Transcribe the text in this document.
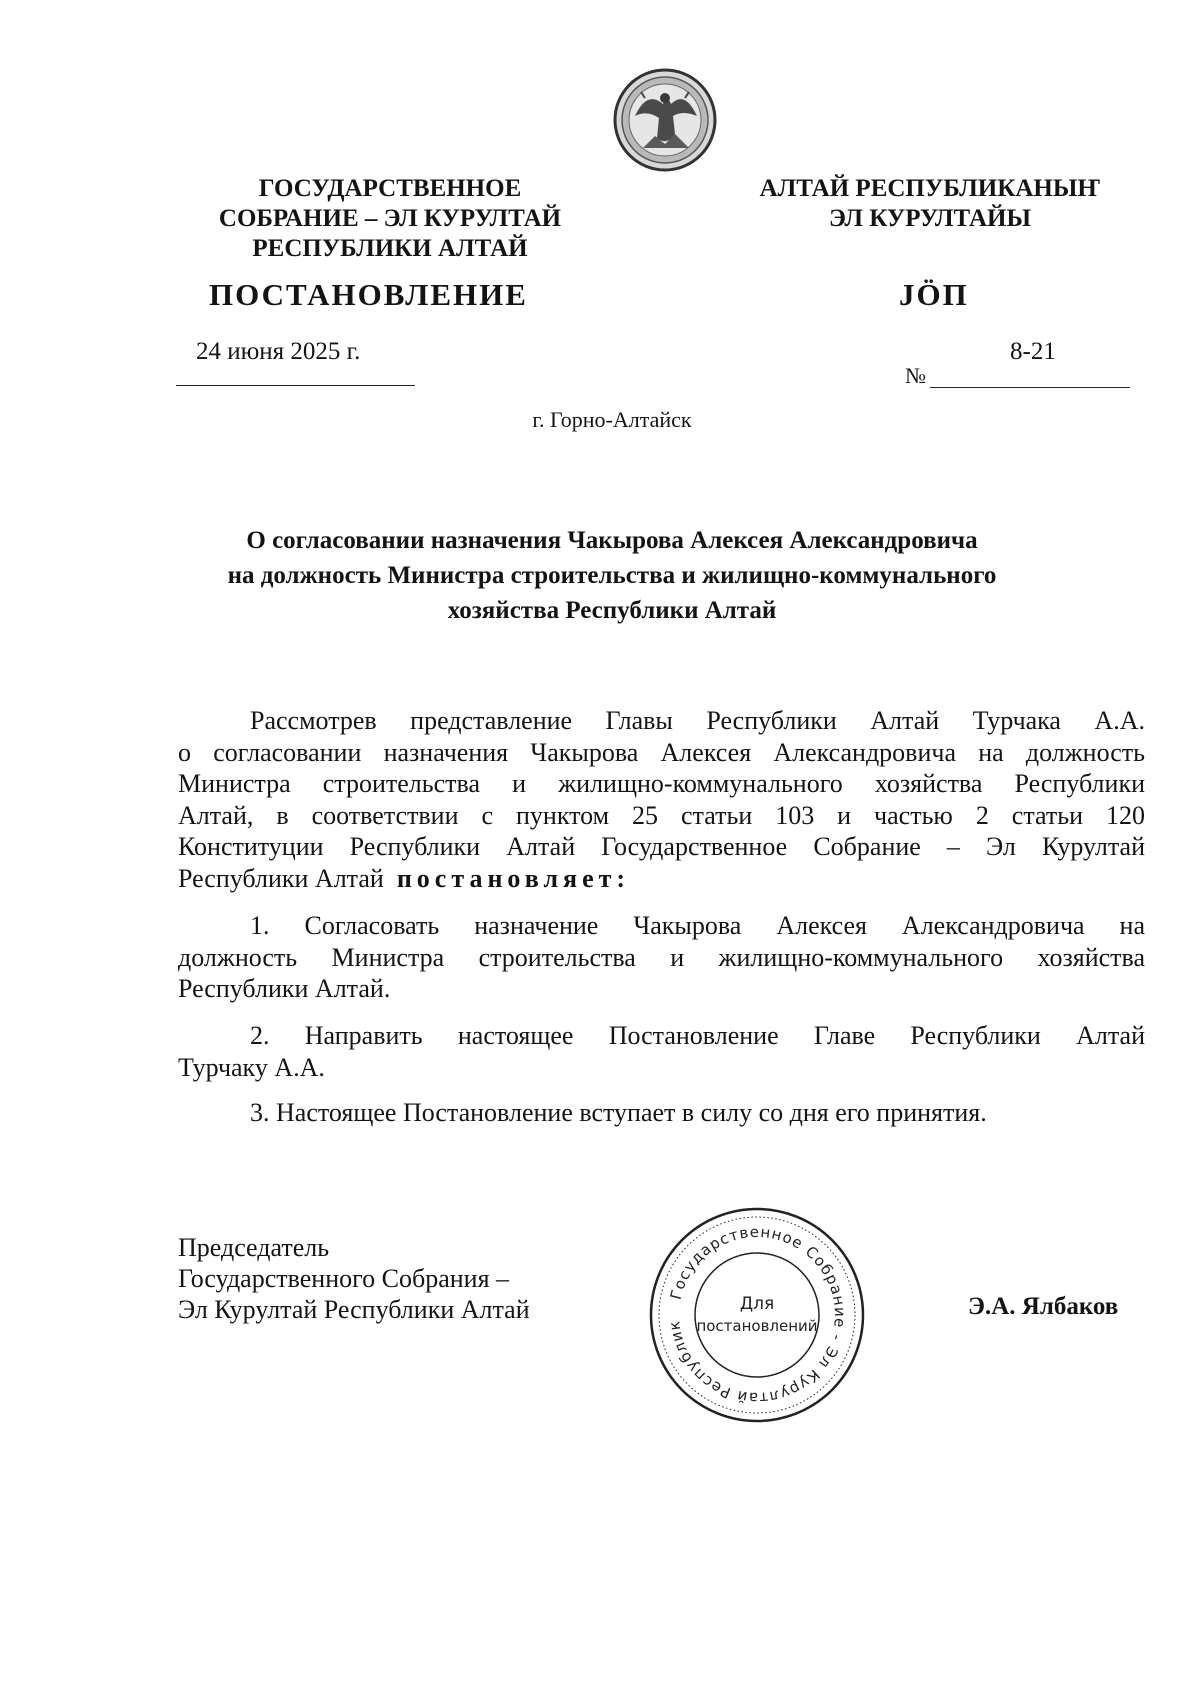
ГОСУДАРСТВЕННОЕ
СОБРАНИЕ – ЭЛ КУРУЛТАЙ
РЕСПУБЛИКИ АЛТАЙ
АЛТАЙ РЕСПУБЛИКАНЫҤ
ЭЛ КУРУЛТАЙЫ
ПОСТАНОВЛЕНИЕ	JÖП
24 июня 2025 г.
№
8-21
г. Горно-Алтайск
О согласовании назначения Чакырова Алексея Александровича
на должность Министра строительства и жилищно-коммунального
хозяйства Республики Алтай
Рассмотрев представление Главы Республики Алтай Турчака А.А.
о согласовании назначения Чакырова Алексея Александровича на должность
Министра строительства и жилищно-коммунального хозяйства Республики
Алтай, в соответствии с пунктом 25 статьи 103 и частью 2 статьи 120
Конституции Республики Алтай Государственное Собрание – Эл Курултай
Республики Алтай постановляет:
1. Согласовать назначение Чакырова Алексея Александровича на
должность Министра строительства и жилищно-коммунального хозяйства
Республики Алтай.
2. Направить настоящее Постановление Главе Республики Алтай
Турчаку А.А.
3. Настоящее Постановление вступает в силу со дня его принятия.
Председатель
Государственного Собрания –
Эл Курултай Республики Алтай
Государственное Собрание - Эл Курултай Республик
Для
постановлений
Э.А. Ялбаков
